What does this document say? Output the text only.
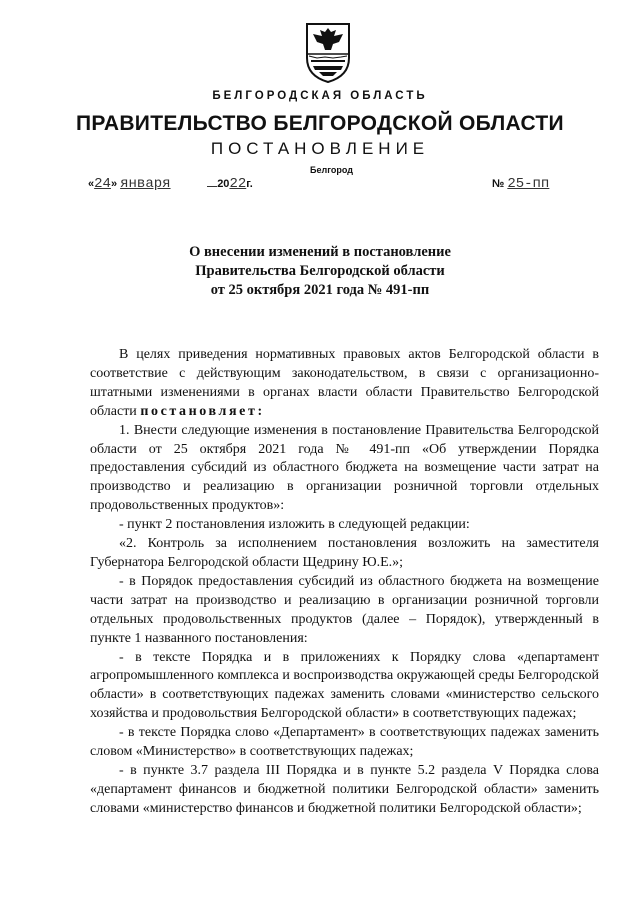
БЕЛГОРОДСКАЯ ОБЛАСТЬ
ПРАВИТЕЛЬСТВО БЕЛГОРОДСКОЙ ОБЛАСТИ
ПОСТАНОВЛЕНИЕ
Белгород
«24» января	2022г.	№ 25-пп
О внесении изменений в постановление
Правительства Белгородской области
от 25 октября 2021 года № 491-пп

В целях приведения нормативных правовых актов Белгородской области в соответствие с действующим законодательством, в связи с организационно-штатными изменениями в органах власти области Правительство Белгородской области постановляет:

1. Внести следующие изменения в постановление Правительства Белгородской области от 25 октября 2021 года № 491-пп «Об утверждении Порядка предоставления субсидий из областного бюджета на возмещение части затрат на производство и реализацию в организации розничной торговли отдельных продовольственных продуктов»:

- пункт 2 постановления изложить в следующей редакции:

«2. Контроль за исполнением постановления возложить на заместителя Губернатора Белгородской области Щедрину Ю.Е.»;

- в Порядок предоставления субсидий из областного бюджета на возмещение части затрат на производство и реализацию в организации розничной торговли отдельных продовольственных продуктов (далее – Порядок), утвержденный в пункте 1 названного постановления:

- в тексте Порядка и в приложениях к Порядку слова «департамент агропромышленного комплекса и воспроизводства окружающей среды Белгородской области» в соответствующих падежах заменить словами «министерство сельского хозяйства и продовольствия Белгородской области» в соответствующих падежах;

- в тексте Порядка слово «Департамент» в соответствующих падежах заменить словом «Министерство» в соответствующих падежах;

- в пункте 3.7 раздела III Порядка и в пункте 5.2 раздела V Порядка слова «департамент финансов и бюджетной политики Белгородской области» заменить словами «министерство финансов и бюджетной политики Белгородской области»;
